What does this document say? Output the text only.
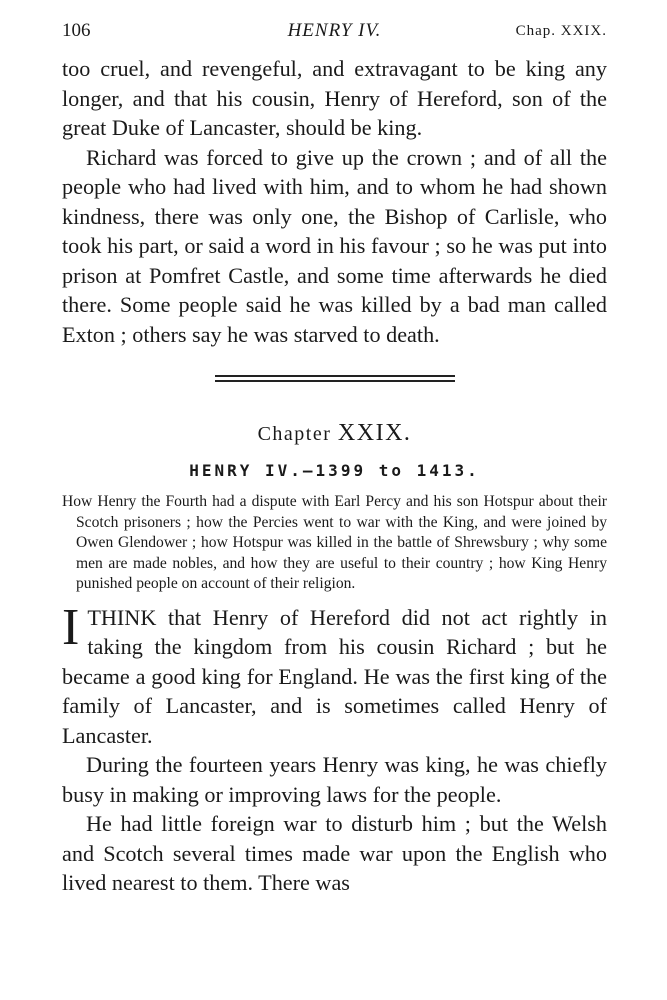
106	HENRY IV.	Chap. XXIX.

too cruel, and revengeful, and extravagant to be king any longer, and that his cousin, Henry of Hereford, son of the great Duke of Lancaster, should be king.

Richard was forced to give up the crown ; and of all the people who had lived with him, and to whom he had shown kindness, there was only one, the Bishop of Carlisle, who took his part, or said a word in his favour ; so he was put into prison at Pomfret Castle, and some time afterwards he died there. Some people said he was killed by a bad man called Exton ; others say he was starved to death.

Chapter XXIX.
HENRY IV.—1399 to 1413.

How Henry the Fourth had a dispute with Earl Percy and his son Hotspur about their Scotch prisoners ; how the Percies went to war with the King, and were joined by Owen Glendower ; how Hotspur was killed in the battle of Shrewsbury ; why some men are made nobles, and how they are useful to their country ; how King Henry punished people on account of their religion.

ITHINK that Henry of Hereford did not act rightly in taking the kingdom from his cousin Richard ; but he became a good king for England. He was the first king of the family of Lancaster, and is sometimes called Henry of Lancaster.

During the fourteen years Henry was king, he was chiefly busy in making or improving laws for the people.

He had little foreign war to disturb him ; but the Welsh and Scotch several times made war upon the English who lived nearest to them. There was
